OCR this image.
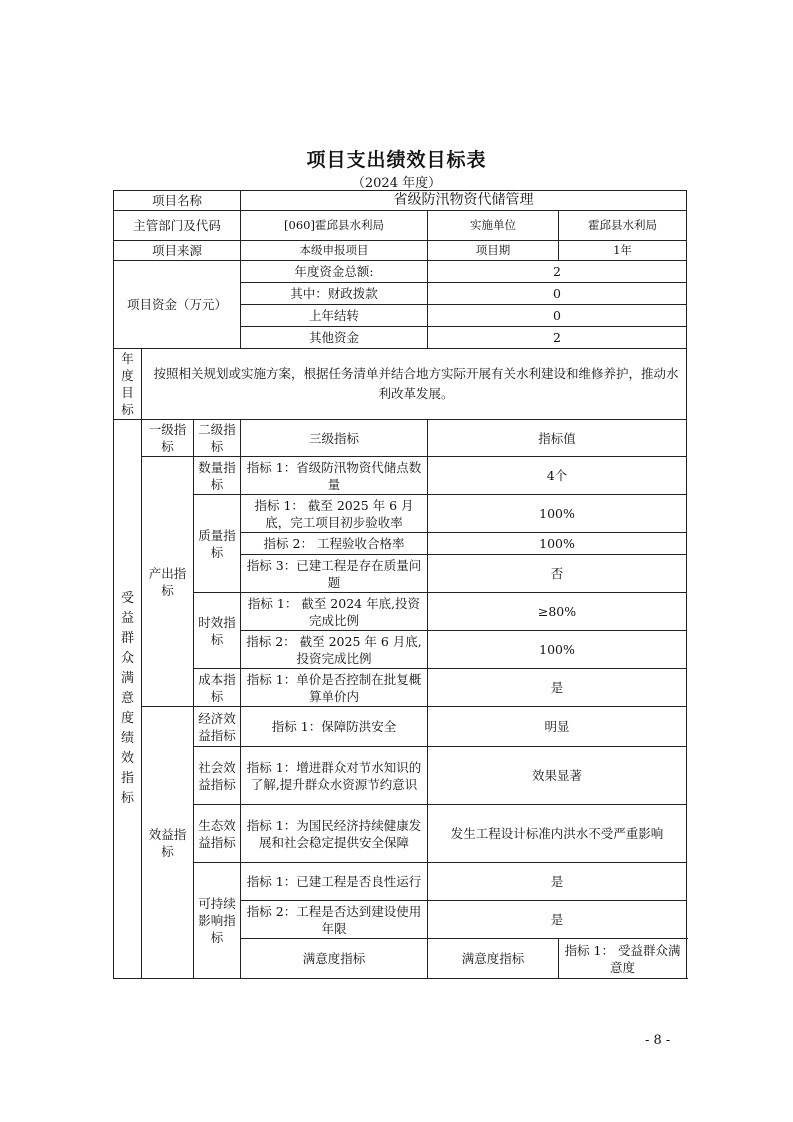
项目支出绩效目标表
（2024 年度）
项目名称			省级防汛物资代储管理			
主管部门及代码			[060]霍邱县水利局	实施单位	霍邱县水利局	
项目来源			本级申报项目	项目期	1年	
项目资金（万元）			年度资金总额:	2		
			其中：财政拨款	0		
			上年结转	0		
			其他资金	2		
年度目标	按照相关规划或实施方案，根据任务清单并结合地方实际开展有关水利建设和维修养护，推动水利改革发展。					
受益群众满意度绩效指标	一级指标	二级指标	三级指标	指标值		
	产出指标	数量指标	指标 1：省级防汛物资代储点数量	4个		
		质量指标	指标 1： 截至 2025 年 6 月底，完工项目初步验收率	100%		
			指标 2： 工程验收合格率	100%		
			指标 3：已建工程是存在质量问题	否		
		时效指标	指标 1： 截至 2024 年底,投资完成比例	≥80%		
			指标 2： 截至 2025 年 6 月底,投资完成比例	100%		
		成本指标	指标 1：单价是否控制在批复概算单价内	是		
	效益指标	经济效益指标	指标 1：保障防洪安全	明显		
		社会效益指标	指标 1：增进群众对节水知识的了解,提升群众水资源节约意识	效果显著		
		生态效益指标	指标 1：为国民经济持续健康发展和社会稳定提供安全保障	发生工程设计标准内洪水不受严重影响		
		可持续影响指标	指标 1：已建工程是否良性运行	是		
			指标 2：工程是否达到建设使用年限	是		
			满意度指标	满意度指标	指标 1： 受益群众满意度	
- 8 -
